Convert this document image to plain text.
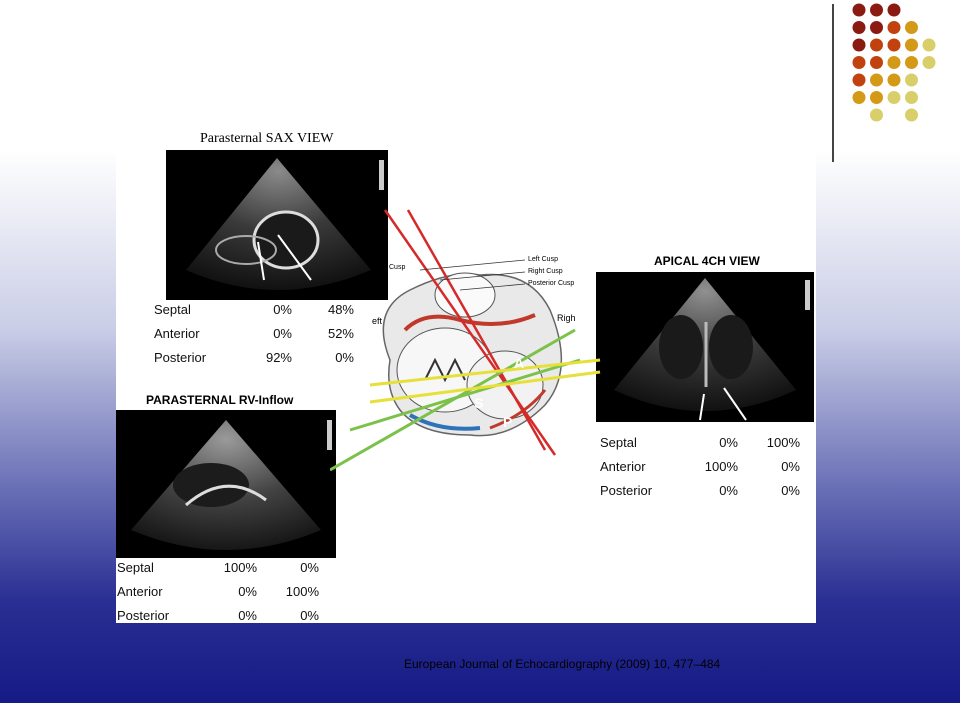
Parasternal SAX VIEW
Septal	0%	48%
Anterior	0%	52%
Posterior	92%	0%
PARASTERNAL RV-Inflow
Septal	100%	0%
Anterior	0% 100%
Posterior	0%	0%
APICAL 4CH VIEW
Septal	0% 100%
Anterior	100%	0%
Posterior	0%	0%
Left Cusp
Right Cusp
Posterior Cusp
Cusp
eft	Righ
A
S
P
European Journal of Echocardiography (2009) 10, 477–484
